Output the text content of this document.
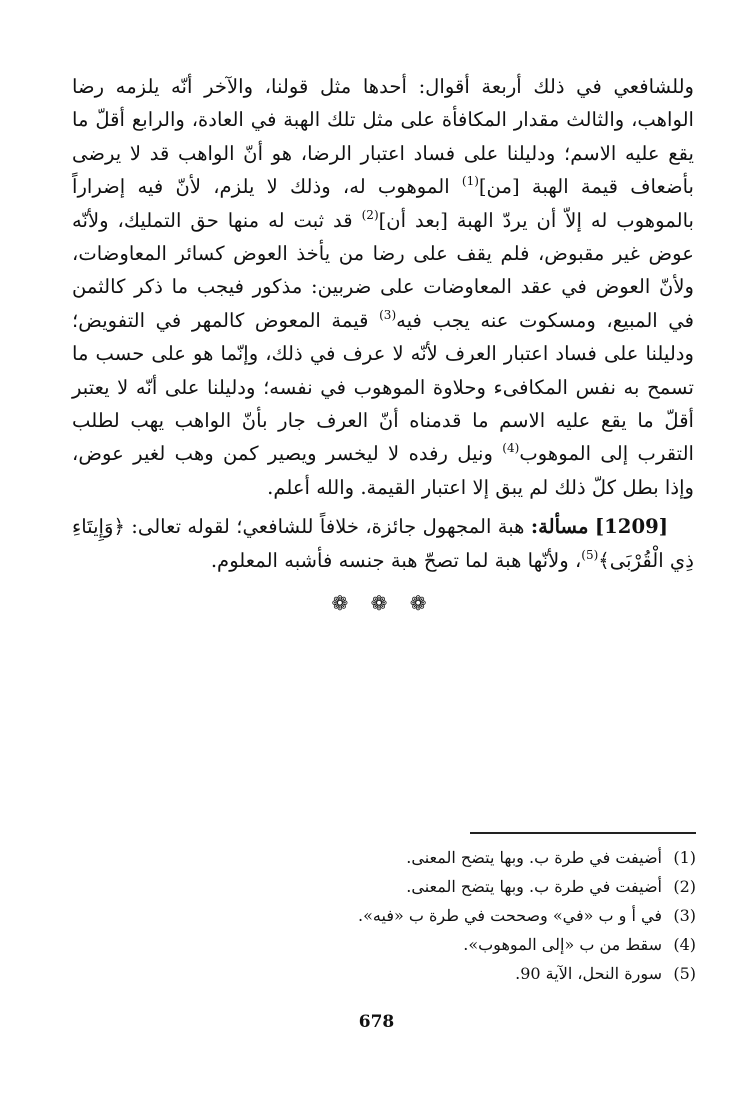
وللشافعي في ذلك أربعة أقوال: أحدها مثل قولنا، والآخر أنّه يلزمه رضا الواهب، والثالث مقدار المكافأة على مثل تلك الهبة في العادة، والرابع أقلّ ما يقع عليه الاسم؛ ودليلنا على فساد اعتبار الرضا، هو أنّ الواهب قد لا يرضى بأضعاف قيمة الهبة [من]$^{(1)}$ الموهوب له، وذلك لا يلزم، لأنّ فيه إضراراً بالموهوب له إلاّ أن يردّ الهبة [بعد أن]$^{(2)}$ قد ثبت له منها حق التمليك، ولأنّه عوض غير مقبوض، فلم يقف على رضا من يأخذ العوض كسائر المعاوضات، ولأنّ العوض في عقد المعاوضات على ضربين: مذكور فيجب ما ذكر كالثمن في المبيع، ومسكوت عنه يجب فيه$^{(3)}$ قيمة المعوض كالمهر في التفويض؛ ودليلنا على فساد اعتبار العرف لأنّه لا عرف في ذلك، وإنّما هو على حسب ما تسمح به نفس المكافىء وحلاوة الموهوب في نفسه؛ ودليلنا على أنّه لا يعتبر أقلّ ما يقع عليه الاسم ما قدمناه أنّ العرف جار بأنّ الواهب يهب لطلب التقرب إلى الموهوب$^{(4)}$ ونيل رفده لا ليخسر ويصير كمن وهب لغير عوض، وإذا بطل كلّ ذلك لم يبق إلا اعتبار القيمة. والله أعلم.

[1209] مسألة: هبة المجهول جائزة، خلافاً للشافعي؛ لقوله تعالى: ﴿وَإِيتَاءِ ذِي الْقُرْبَى﴾$^{(5)}$، ولأنّها هبة لما تصحّ هبة جنسه فأشبه المعلوم.

❁ ❁ ❁
(1)أضيفت في طرة ب. وبها يتضح المعنى.
(2)أضيفت في طرة ب. وبها يتضح المعنى.
(3)في أ و ب «في» وصححت في طرة ب «فيه».
(4)سقط من ب «إلى الموهوب».
(5)سورة النحل، الآية 90.
678
